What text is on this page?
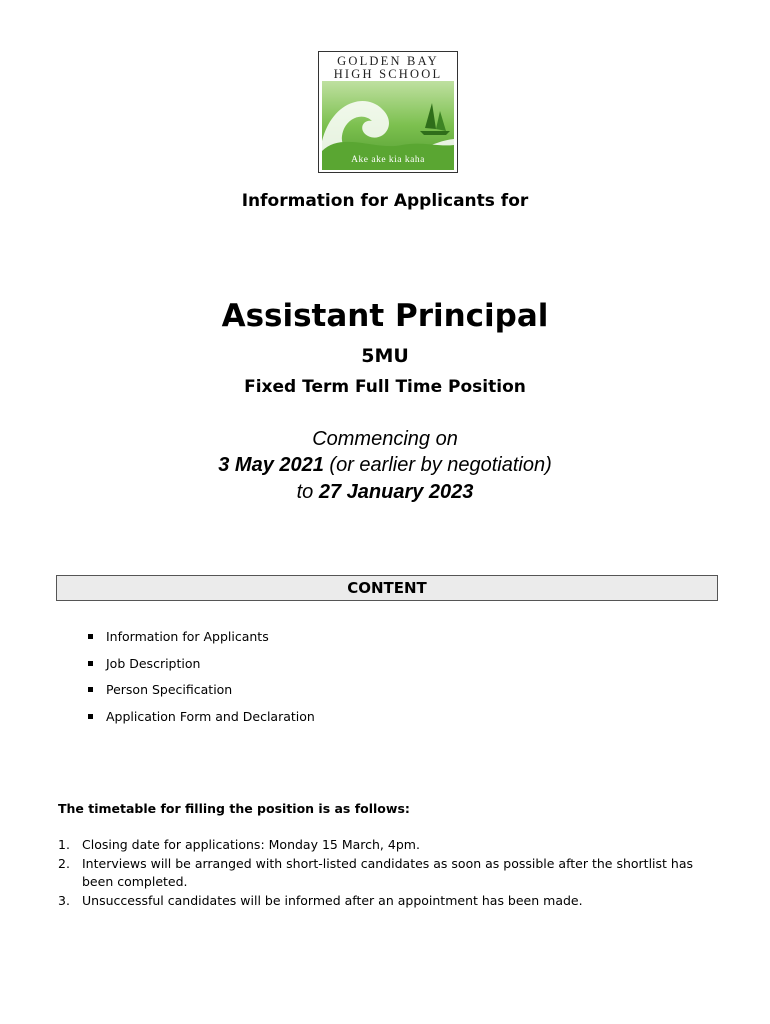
GOLDEN BAY
HIGH SCHOOL
Ake ake kia kaha
Information for Applicants for
Assistant Principal
5MU
Fixed Term Full Time Position
Commencing on
3 May 2021 (or earlier by negotiation)
to 27 January 2023
CONTENT
Information for Applicants
Job Description
Person Specification
Application Form and Declaration
The timetable for filling the position is as follows:
1. Closing date for applications: Monday 15 March, 4pm.
2. Interviews will be arranged with short-listed candidates as soon as possible after the shortlist has been completed.
3. Unsuccessful candidates will be informed after an appointment has been made.
